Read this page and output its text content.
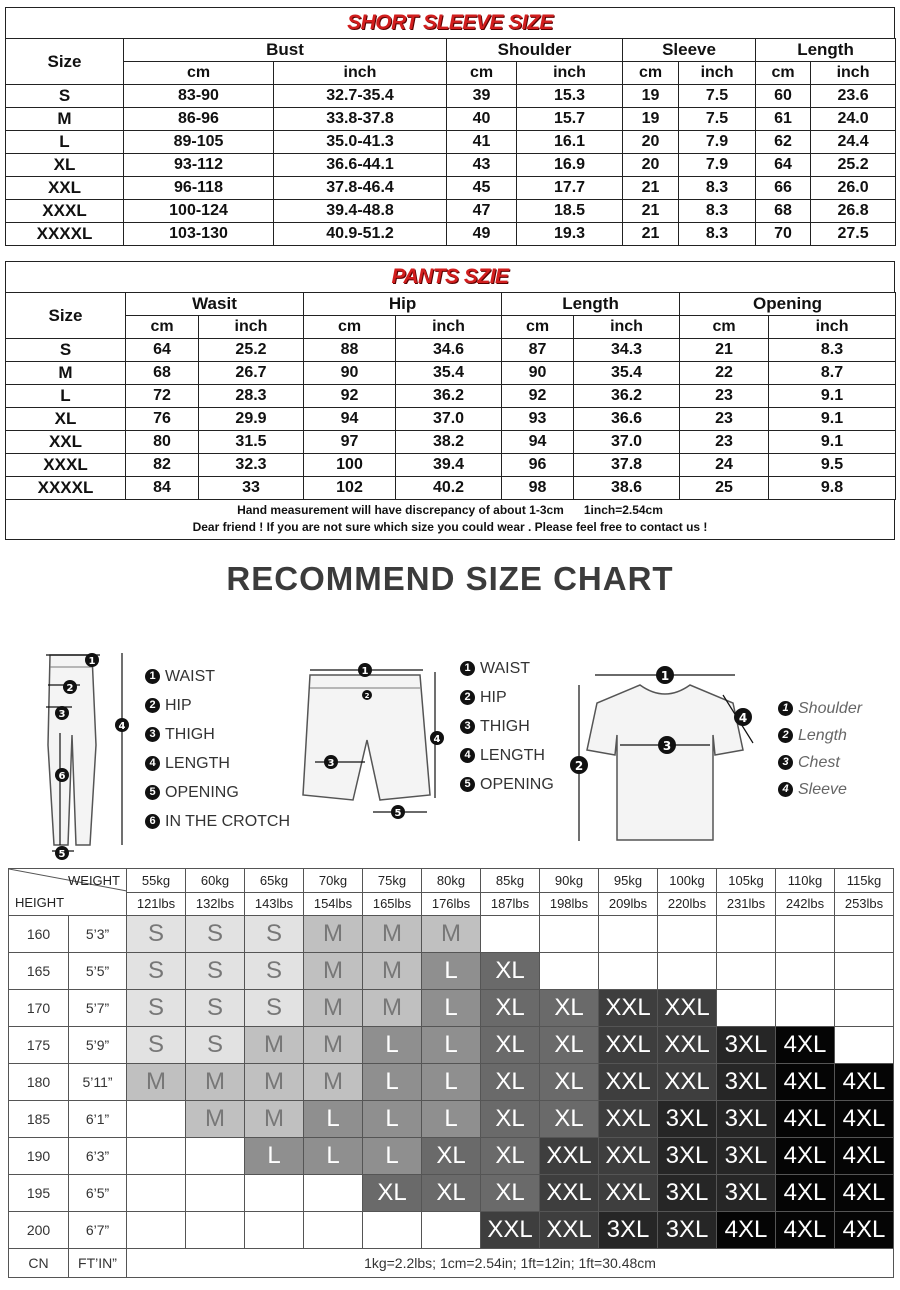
SHORT SLEEVE SIZE
Size	Bust		Shoulder		Sleeve		Length	
	cm	inch	cm	inch	cm	inch	cm	inch
S	83-90	32.7-35.4	39	15.3	19	7.5	60	23.6
M	86-96	33.8-37.8	40	15.7	19	7.5	61	24.0
L	89-105	35.0-41.3	41	16.1	20	7.9	62	24.4
XL	93-112	36.6-44.1	43	16.9	20	7.9	64	25.2
XXL	96-118	37.8-46.4	45	17.7	21	8.3	66	26.0
XXXL	100-124	39.4-48.8	47	18.5	21	8.3	68	26.8
XXXXL	103-130	40.9-51.2	49	19.3	21	8.3	70	27.5
PANTS SZIE
Size	Wasit		Hip		Length		Opening	
	cm	inch	cm	inch	cm	inch	cm	inch
S	64	25.2	88	34.6	87	34.3	21	8.3
M	68	26.7	90	35.4	90	35.4	22	8.7
L	72	28.3	92	36.2	92	36.2	23	9.1
XL	76	29.9	94	37.0	93	36.6	23	9.1
XXL	80	31.5	97	38.2	94	37.0	23	9.1
XXXL	82	32.3	100	39.4	96	37.8	24	9.5
XXXXL	84	33	102	40.2	98	38.6	25	9.8
Hand measurement will have discrepancy of about 1-3cm      1inch=2.54cm
Dear friend ! If you are not sure which size you could wear . Please feel free to contact us !
RECOMMEND SIZE CHART
1
2
3
4
6
5
1 WAIST
2 HIP
3 THIGH
4 LENGTH
5 OPENING
6 IN THE CROTCH
1
2
3
4
5
1 WAIST
2 HIP
3 THIGH
4 LENGTH
5 OPENING
1
2
3
4
1 Shoulder
2 Length
3 Chest
4 Sleeve
WEIGHT
HEIGHT		55kg	60kg	65kg	70kg	75kg	80kg	85kg	90kg	95kg	100kg	105kg	110kg	115kg
		121lbs	132lbs	143lbs	154lbs	165lbs	176lbs	187lbs	198lbs	209lbs	220lbs	231lbs	242lbs	253lbs
160	5’3”	S	S	S	M	M	M							
165	5’5”	S	S	S	M	M	L	XL						
170	5’7”	S	S	S	M	M	L	XL	XL	XXL	XXL			
175	5’9”	S	S	M	M	L	L	XL	XL	XXL	XXL	3XL	4XL	
180	5’11”	M	M	M	M	L	L	XL	XL	XXL	XXL	3XL	4XL	4XL
185	6’1”		M	M	L	L	L	XL	XL	XXL	3XL	3XL	4XL	4XL
190	6’3”			L	L	L	XL	XL	XXL	XXL	3XL	3XL	4XL	4XL
195	6’5”					XL	XL	XL	XXL	XXL	3XL	3XL	4XL	4XL
200	6’7”							XXL	XXL	3XL	3XL	4XL	4XL	4XL
CN	FT’IN”	1kg=2.2lbs; 1cm=2.54in; 1ft=12in; 1ft=30.48cm												
